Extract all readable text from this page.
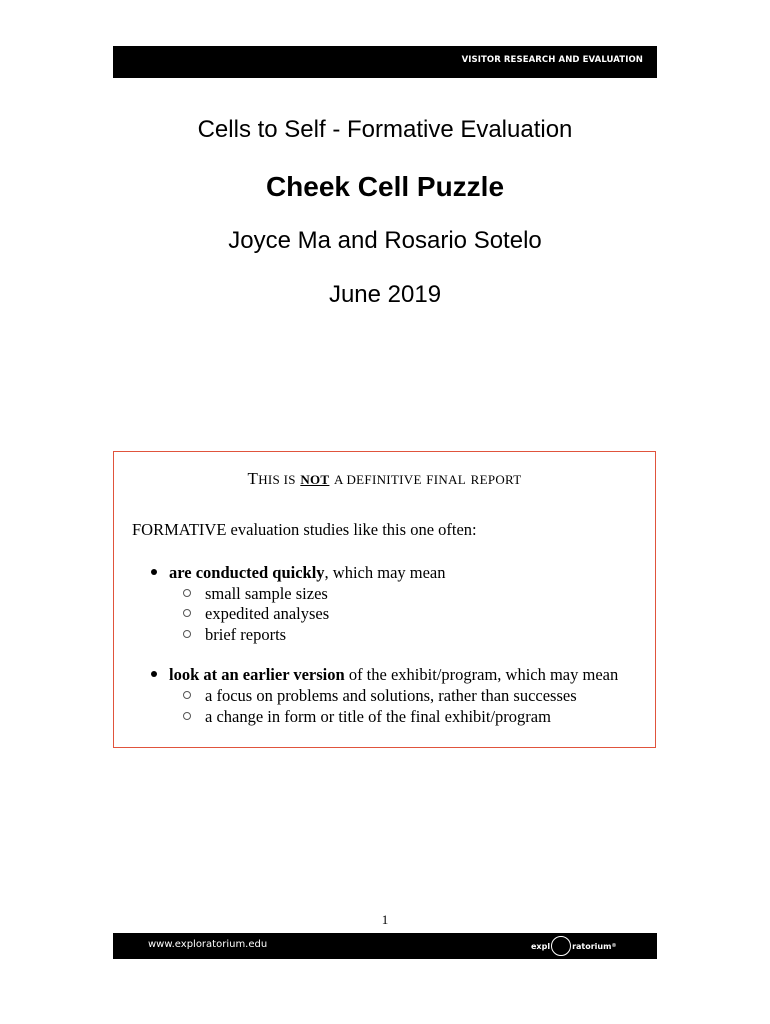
VISITOR RESEARCH AND EVALUATION
Cells to Self - Formative Evaluation
Cheek Cell Puzzle
Joyce Ma and Rosario Sotelo
June 2019
THIS IS NOT A DEFINITIVE FINAL REPORT
FORMATIVE evaluation studies like this one often:
are conducted quickly, which may mean
small sample sizes
expedited analyses
brief reports
look at an earlier version of the exhibit/program, which may mean
a focus on problems and solutions, rather than successes
a change in form or title of the final exhibit/program
1
www.exploratorium.edu	expl	ratorium ®
